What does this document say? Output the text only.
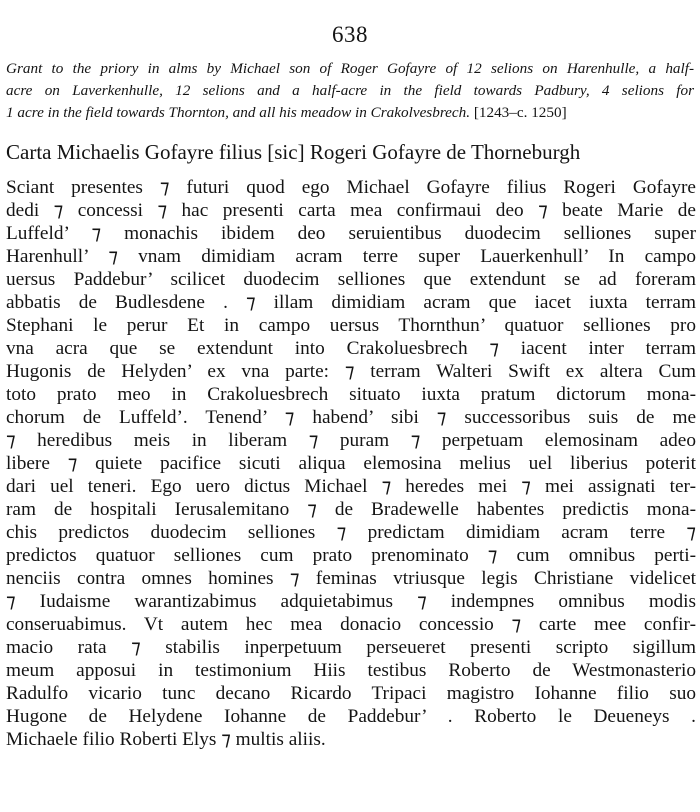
638
Grant to the priory in alms by Michael son of Roger Gofayre of 12 selions on Harenhulle, a half-
acre on Laverkenhulle, 12 selions and a half-acre in the field towards Padbury, 4 selions for
1 acre in the field towards Thornton, and all his meadow in Crakolvesbrech. [1243–c. 1250]
Carta Michaelis Gofayre filius [sic] Rogeri Gofayre de Thorneburgh
Sciant presentes ⁊ futuri quod ego Michael Gofayre filius Rogeri Gofayre
dedi ⁊ concessi ⁊ hac presenti carta mea confirmaui deo ⁊ beate Marie de
Luffeld’ ⁊ monachis ibidem deo seruientibus duodecim selliones super
Harenhull’ ⁊ vnam dimidiam acram terre super Lauerkenhull’ In campo
uersus Paddebur’ scilicet duodecim selliones que extendunt se ad foreram
abbatis de Budlesdene . ⁊ illam dimidiam acram que iacet iuxta terram
Stephani le perur Et in campo uersus Thornthun’ quatuor selliones pro
vna acra que se extendunt into Crakoluesbrech ⁊ iacent inter terram
Hugonis de Helyden’ ex vna parte: ⁊ terram Walteri Swift ex altera Cum
toto prato meo in Crakoluesbrech situato iuxta pratum dictorum mona-
chorum de Luffeld’. Tenend’ ⁊ habend’ sibi ⁊ successoribus suis de me
⁊ heredibus meis in liberam ⁊ puram ⁊ perpetuam elemosinam adeo
libere ⁊ quiete pacifice sicuti aliqua elemosina melius uel liberius poterit
dari uel teneri. Ego uero dictus Michael ⁊ heredes mei ⁊ mei assignati ter-
ram de hospitali Ierusalemitano ⁊ de Bradewelle habentes predictis mona-
chis predictos duodecim selliones ⁊ predictam dimidiam acram terre ⁊
predictos quatuor selliones cum prato prenominato ⁊ cum omnibus perti-
nenciis contra omnes homines ⁊ feminas vtriusque legis Christiane videlicet
⁊ Iudaisme warantizabimus adquietabimus ⁊ indempnes omnibus modis
conseruabimus. Vt autem hec mea donacio concessio ⁊ carte mee confir-
macio rata ⁊ stabilis inperpetuum perseueret presenti scripto sigillum
meum apposui in testimonium Hiis testibus Roberto de Westmonasterio
Radulfo vicario tunc decano Ricardo Tripaci magistro Iohanne filio suo
Hugone de Helydene Iohanne de Paddebur’ . Roberto le Deueneys .
Michaele filio Roberti Elys ⁊ multis aliis.
